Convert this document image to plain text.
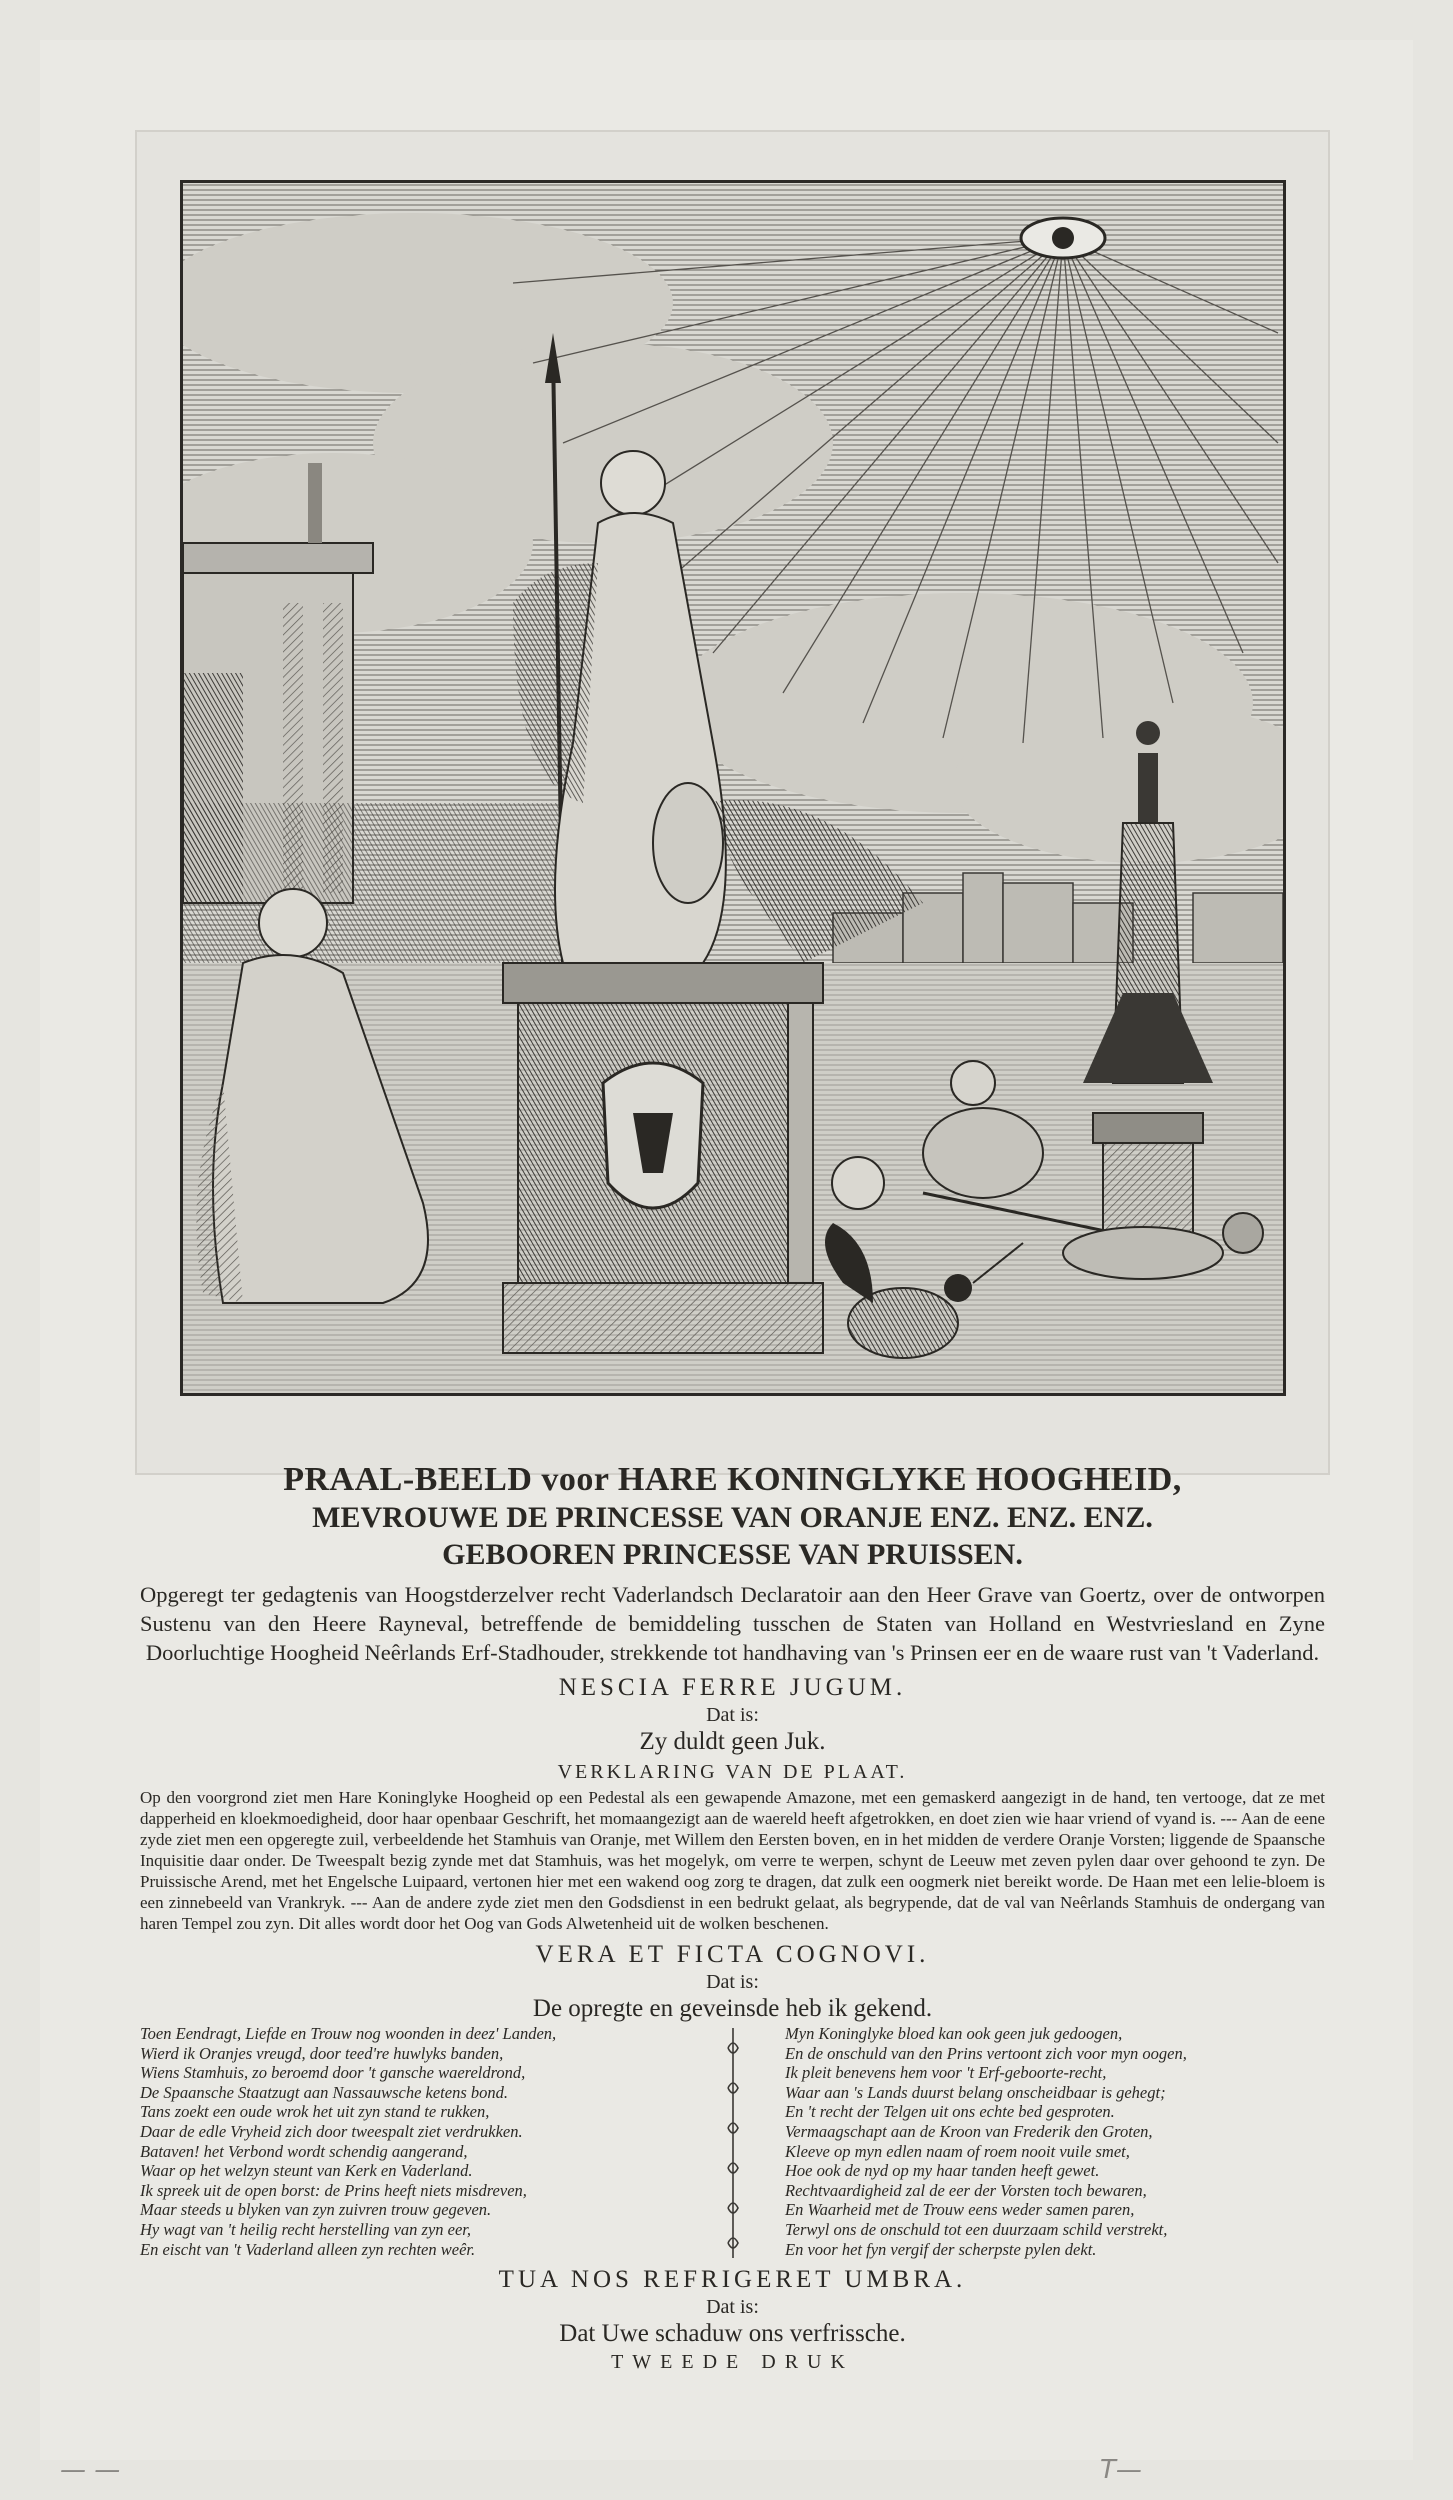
PRAAL-BEELD voor HARE KONINGLYKE HOOGHEID,

MEVROUWE DE PRINCESSE VAN ORANJE ENZ. ENZ. ENZ.

GEBOOREN PRINCESSE VAN PRUISSEN.

Opgeregt ter gedagtenis van Hoogstderzelver recht Vaderlandsch Declaratoir aan den Heer Grave van Goertz, over de ontworpen Sustenu van den Heere Rayneval, betreffende de bemiddeling tusschen de Staten van Holland en Westvriesland en Zyne Doorluchtige Hoogheid Neêrlands Erf-Stadhouder, strekkende tot handhaving van 's Prinsen eer en de waare rust van 't Vaderland.

NESCIA FERRE JUGUM.

Dat is:

Zy duldt geen Juk.

VERKLARING VAN DE PLAAT.

Op den voorgrond ziet men Hare Koninglyke Hoogheid op een Pedestal als een gewapende Amazone, met een gemaskerd aangezigt in de hand, ten vertooge, dat ze met dapperheid en kloekmoedigheid, door haar openbaar Geschrift, het momaangezigt aan de waereld heeft afgetrokken, en doet zien wie haar vriend of vyand is. --- Aan de eene zyde ziet men een opgeregte zuil, verbeeldende het Stamhuis van Oranje, met Willem den Eersten boven, en in het midden de verdere Oranje Vorsten; liggende de Spaansche Inquisitie daar onder. De Tweespalt bezig zynde met dat Stamhuis, was het mogelyk, om verre te werpen, schynt de Leeuw met zeven pylen daar over gehoond te zyn. De Pruissische Arend, met het Engelsche Luipaard, vertonen hier met een wakend oog zorg te dragen, dat zulk een oogmerk niet bereikt worde. De Haan met een lelie-bloem is een zinnebeeld van Vrankryk. --- Aan de andere zyde ziet men den Godsdienst in een bedrukt gelaat, als begrypende, dat de val van Neêrlands Stamhuis de ondergang van haren Tempel zou zyn. Dit alles wordt door het Oog van Gods Alwetenheid uit de wolken beschenen.

VERA ET FICTA COGNOVI.

Dat is:

De opregte en geveinsde heb ik gekend.

Toen Eendragt, Liefde en Trouw nog woonden in deez' Landen,
Wierd ik Oranjes vreugd, door teed're huwlyks banden,
Wiens Stamhuis, zo beroemd door 't gansche waereldrond,
De Spaansche Staatzugt aan Nassauwsche ketens bond.
Tans zoekt een oude wrok het uit zyn stand te rukken,
Daar de edle Vryheid zich door tweespalt ziet verdrukken.
Bataven! het Verbond wordt schendig aangerand,
Waar op het welzyn steunt van Kerk en Vaderland.
Ik spreek uit de open borst: de Prins heeft niets misdreven,
Maar steeds u blyken van zyn zuivren trouw gegeven.
Hy wagt van 't heilig recht herstelling van zyn eer,
En eischt van 't Vaderland alleen zyn rechten weêr.
Myn Koninglyke bloed kan ook geen juk gedoogen,
En de onschuld van den Prins vertoont zich voor myn oogen,
Ik pleit benevens hem voor 't Erf-geboorte-recht,
Waar aan 's Lands duurst belang onscheidbaar is gehegt;
En 't recht der Telgen uit ons echte bed gesproten.
Vermaagschapt aan de Kroon van Frederik den Groten,
Kleeve op myn edlen naam of roem nooit vuile smet,
Hoe ook de nyd op my haar tanden heeft gewet.
Rechtvaardigheid zal de eer der Vorsten toch bewaren,
En Waarheid met de Trouw eens weder samen paren,
Terwyl ons de onschuld tot een duurzaam schild verstrekt,
En voor het fyn vergif der scherpste pylen dekt.

TUA NOS REFRIGERET UMBRA.

Dat is:

Dat Uwe schaduw ons verfrissche.

TWEEDE DRUK

— —	T—
